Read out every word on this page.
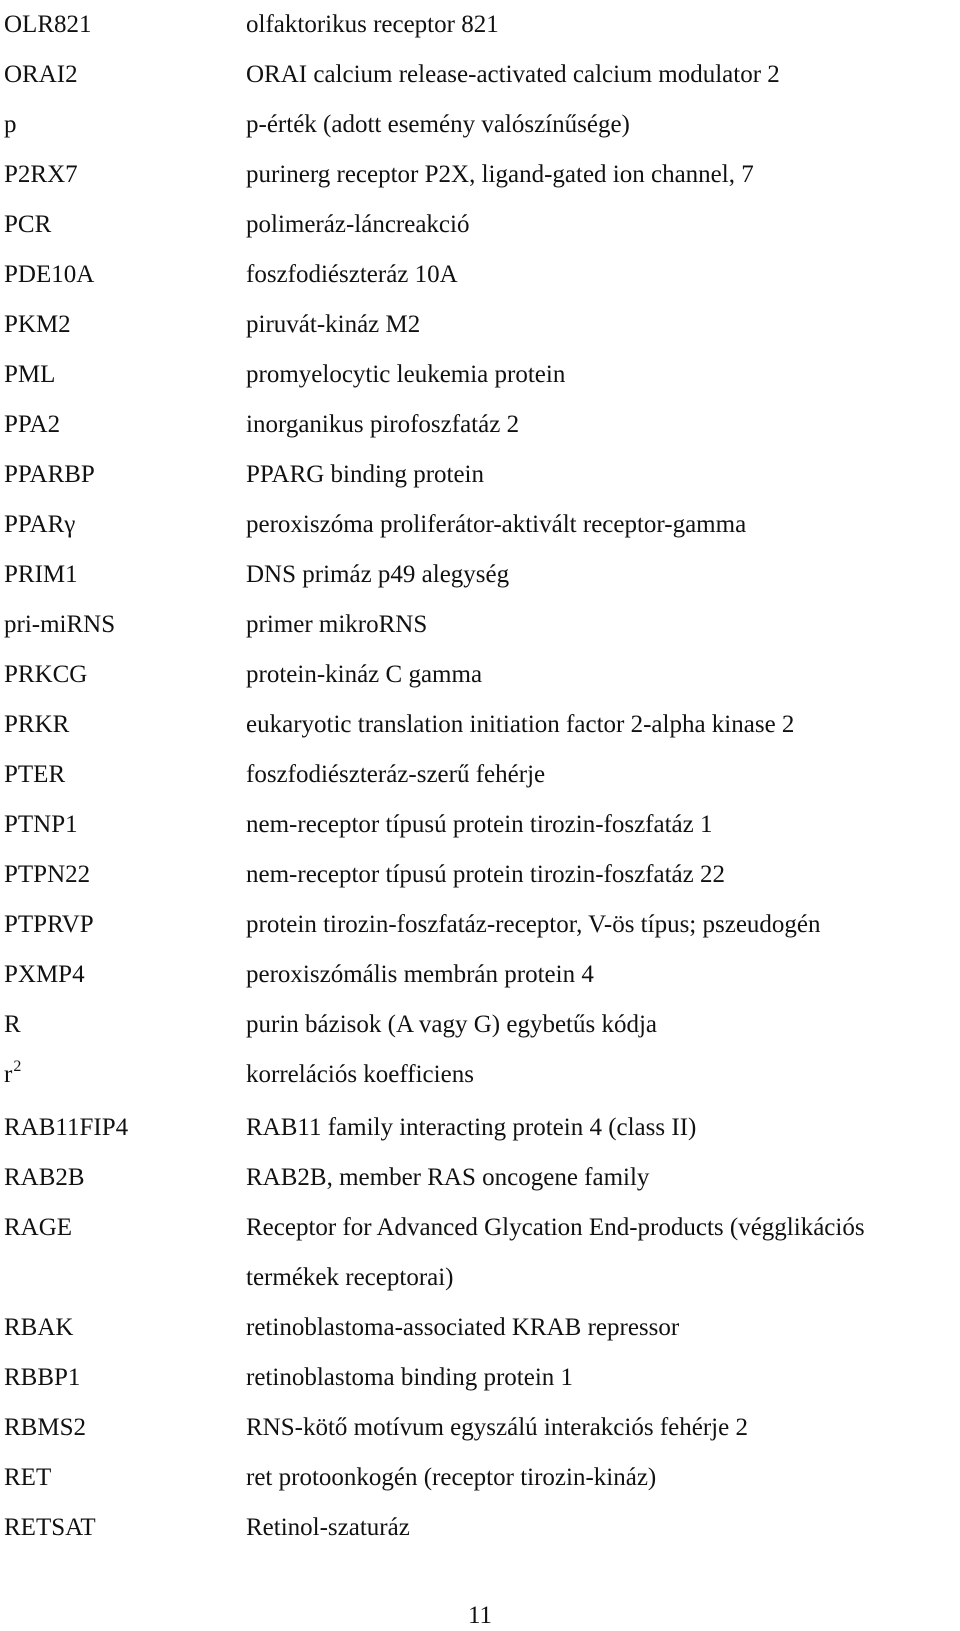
OLR821	olfaktorikus receptor 821
ORAI2	ORAI calcium release-activated calcium modulator 2
p	p-érték (adott esemény valószínűsége)
P2RX7	purinerg receptor P2X, ligand-gated ion channel, 7
PCR	polimeráz-láncreakció
PDE10A	foszfodiészteráz 10A
PKM2	piruvát-kináz M2
PML	promyelocytic leukemia protein
PPA2	inorganikus pirofoszfatáz 2
PPARBP	PPARG binding protein
PPARγ	peroxiszóma proliferátor-aktivált receptor-gamma
PRIM1	DNS primáz p49 alegység
pri-miRNS	primer mikroRNS
PRKCG	protein-kináz C gamma
PRKR	eukaryotic translation initiation factor 2-alpha kinase 2
PTER	foszfodiészteráz-szerű fehérje
PTNP1	nem-receptor típusú protein tirozin-foszfatáz 1
PTPN22	nem-receptor típusú protein tirozin-foszfatáz 22
PTPRVP	protein tirozin-foszfatáz-receptor, V-ös típus; pszeudogén
PXMP4	peroxiszómális membrán protein 4
R	purin bázisok (A vagy G) egybetűs kódja
$r^2$	korrelációs koefficiens
RAB11FIP4	RAB11 family interacting protein 4 (class II)
RAB2B	RAB2B, member RAS oncogene family
RAGE	Receptor for Advanced Glycation End-products (végglikációs termékek receptorai)
RBAK	retinoblastoma-associated KRAB repressor
RBBP1	retinoblastoma binding protein 1
RBMS2	RNS-kötő motívum egyszálú interakciós fehérje 2
RET	ret protoonkogén (receptor tirozin-kináz)
RETSAT	Retinol-szaturáz
11
